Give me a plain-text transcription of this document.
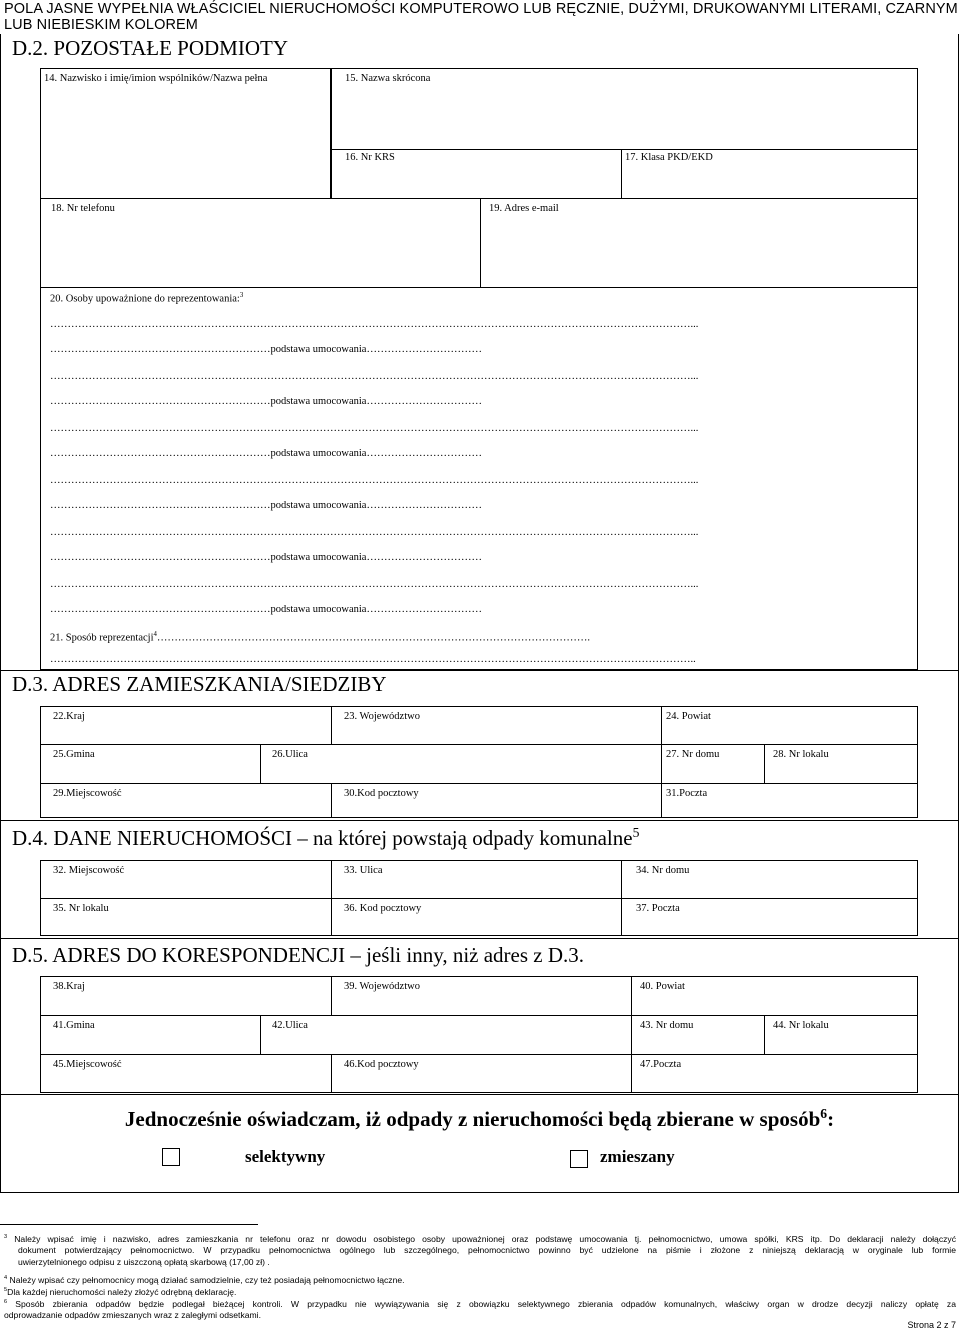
POLA JASNE WYPEŁNIA WŁAŚCICIEL NIERUCHOMOŚCI KOMPUTEROWO LUB RĘCZNIE, DUŻYMI, DRUKOWANYMI LITERAMI, CZARNYM
LUB NIEBIESKIM KOLOREM
D.2. POZOSTAŁE PODMIOTY
14. Nazwisko i imię/imion wspólników/Nazwa pełna	15. Nazwa skrócona
16. Nr KRS	17. Klasa PKD/EKD
18. Nr telefonu	19. Adres e-mail
20. Osoby upoważnione do reprezentowania:$^3$
…………………………………………………………………………………………………………………………………………………………………...
………………………………………………………podstawa umocowania……………………………
…………………………………………………………………………………………………………………………………………………………………...
………………………………………………………podstawa umocowania……………………………
…………………………………………………………………………………………………………………………………………………………………...
………………………………………………………podstawa umocowania……………………………
…………………………………………………………………………………………………………………………………………………………………...
………………………………………………………podstawa umocowania……………………………
…………………………………………………………………………………………………………………………………………………………………...
………………………………………………………podstawa umocowania……………………………
…………………………………………………………………………………………………………………………………………………………………...
………………………………………………………podstawa umocowania……………………………
21. Sposób reprezentacji$^4$…………………………………………………………………………………………………………….
…………………………………………………………………………………………………………………………………………………………………..
D.3. ADRES ZAMIESZKANIA/SIEDZIBY
22.Kraj	23. Województwo	24. Powiat
25.Gmina	26.Ulica	27. Nr domu	28. Nr lokalu
29.Miejscowość	30.Kod pocztowy	31.Poczta
D.4. DANE NIERUCHOMOŚCI – na której powstają odpady komunalne$^5$
32. Miejscowość	33. Ulica	34. Nr domu
35. Nr lokalu	36. Kod pocztowy	37. Poczta
D.5. ADRES DO KORESPONDENCJI – jeśli inny, niż adres z D.3.
38.Kraj	39. Województwo	40. Powiat
41.Gmina	42.Ulica	43. Nr domu	44. Nr lokalu
45.Miejscowość	46.Kod pocztowy	47.Poczta
Jednocześnie oświadczam, iż odpady z nieruchomości będą zbierane w sposób$^6$:
selektywny	zmieszany
$^3$ Należy wpisać imię i nazwisko, adres zamieszkania nr telefonu oraz nr dowodu osobistego osoby upoważnionej oraz podstawę umocowania tj. pełnomocnictwo, umowa spółki, KRS itp. Do deklaracji należy dołączyć
dokument potwierdzający pełnomocnictwo. W przypadku pełnomocnictwa ogólnego lub szczególnego, pełnomocnictwo powinno być udzielone na piśmie i złożone z niniejszą deklaracją w oryginale lub formie
uwierzytelnionego odpisu z uiszczoną opłatą skarbową (17,00 zł) .
$^4$ Należy wpisać czy pełnomocnicy mogą działać samodzielnie, czy też posiadają pełnomocnictwo łączne.
$^5$Dla każdej nieruchomości należy złożyć odrębną deklarację.
$^6$ Sposób zbierania odpadów będzie podlegał bieżącej kontroli. W przypadku nie wywiązywania się z obowiązku selektywnego zbierania odpadów komunalnych, właściwy organ w drodze decyzji naliczy opłatę za
odprowadzanie odpadów zmieszanych wraz z zaległymi odsetkami.
Strona 2 z 7
